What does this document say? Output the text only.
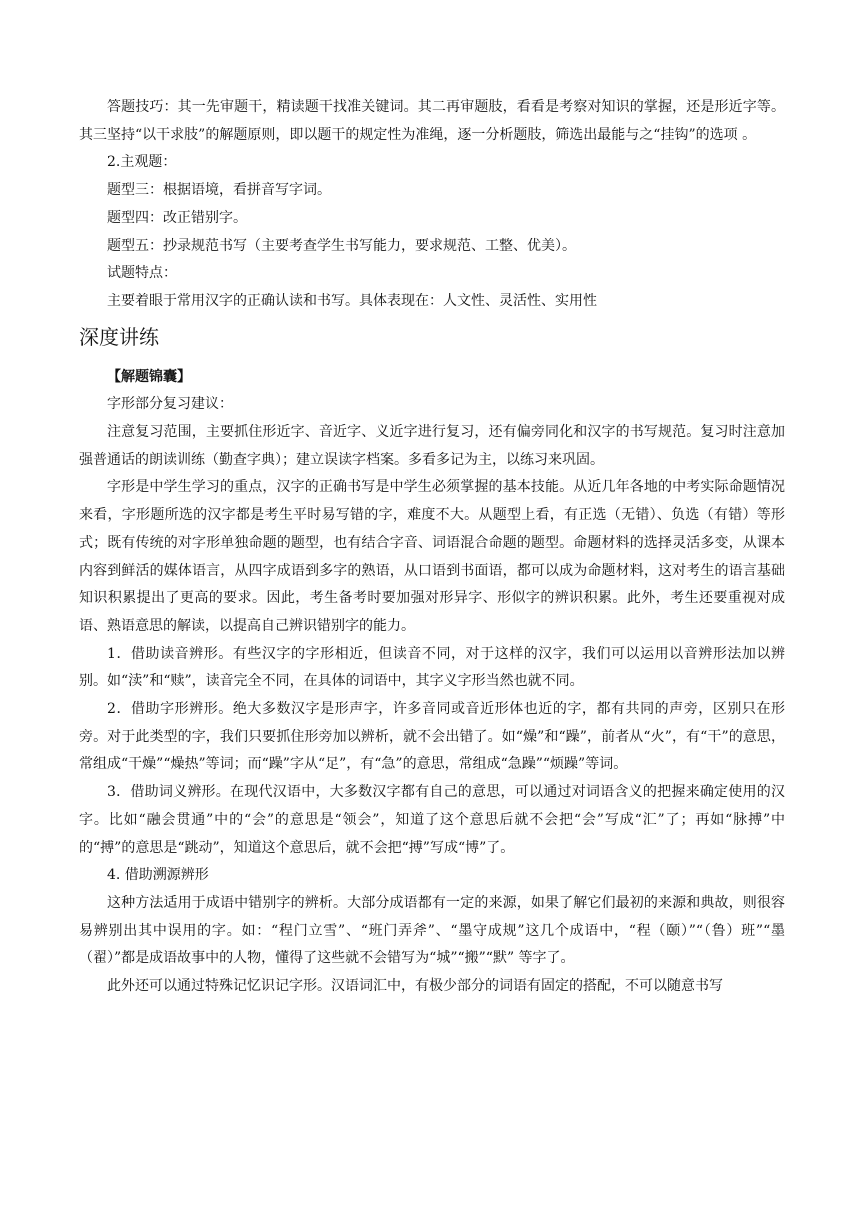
答题技巧：其一先审题干，精读题干找准关键词。其二再审题肢，看看是考察对知识的掌握，还是形近字等。其三坚持“以干求肢”的解题原则，即以题干的规定性为准绳，逐一分析题肢，筛选出最能与之“挂钩”的选项 。

2.主观题：

题型三：根据语境，看拼音写字词。

题型四：改正错别字。

题型五：抄录规范书写（主要考查学生书写能力，要求规范、工整、优美）。

试题特点：

主要着眼于常用汉字的正确认读和书写。具体表现在：人文性、灵活性、实用性

深度讲练

【解题锦囊】

字形部分复习建议：

注意复习范围，主要抓住形近字、音近字、义近字进行复习，还有偏旁同化和汉字的书写规范。复习时注意加强普通话的朗读训练（勤查字典）；建立误读字档案。多看多记为主，以练习来巩固。

字形是中学生学习的重点，汉字的正确书写是中学生必须掌握的基本技能。从近几年各地的中考实际命题情况来看，字形题所选的汉字都是考生平时易写错的字，难度不大。从题型上看，有正选（无错）、负选（有错）等形式；既有传统的对字形单独命题的题型，也有结合字音、词语混合命题的题型。命题材料的选择灵活多变，从课本内容到鲜活的媒体语言，从四字成语到多字的熟语，从口语到书面语，都可以成为命题材料，这对考生的语言基础知识积累提出了更高的要求。因此，考生备考时要加强对形异字、形似字的辨识积累。此外，考生还要重视对成语、熟语意思的解读，以提高自己辨识错别字的能力。

1．借助读音辨形。有些汉字的字形相近，但读音不同，对于这样的汉字，我们可以运用以音辨形法加以辨别。如“渎”和“赎”，读音完全不同，在具体的词语中，其字义字形当然也就不同。

2．借助字形辨形。绝大多数汉字是形声字，许多音同或音近形体也近的字，都有共同的声旁，区别只在形旁。对于此类型的字，我们只要抓住形旁加以辨析，就不会出错了。如“燥”和“躁”，前者从“火”，有“干”的意思，常组成“干燥”“燥热”等词；而“躁”字从“足”，有“急”的意思，常组成“急躁”“烦躁”等词。

3．借助词义辨形。在现代汉语中，大多数汉字都有自己的意思，可以通过对词语含义的把握来确定使用的汉字。比如“融会贯通”中的“会”的意思是“领会”，知道了这个意思后就不会把“会”写成“汇”了；再如“脉搏”中的“搏”的意思是“跳动”，知道这个意思后，就不会把“搏”写成“博”了。

4. 借助溯源辨形

这种方法适用于成语中错别字的辨析。大部分成语都有一定的来源，如果了解它们最初的来源和典故，则很容易辨别出其中误用的字。如：“程门立雪”、“班门弄斧”、“墨守成规”这几个成语中，“程（颐）”“（鲁）班”“墨（翟）”都是成语故事中的人物，懂得了这些就不会错写为“城”“搬”“默” 等字了。

此外还可以通过特殊记忆识记字形。汉语词汇中，有极少部分的词语有固定的搭配，不可以随意书写
